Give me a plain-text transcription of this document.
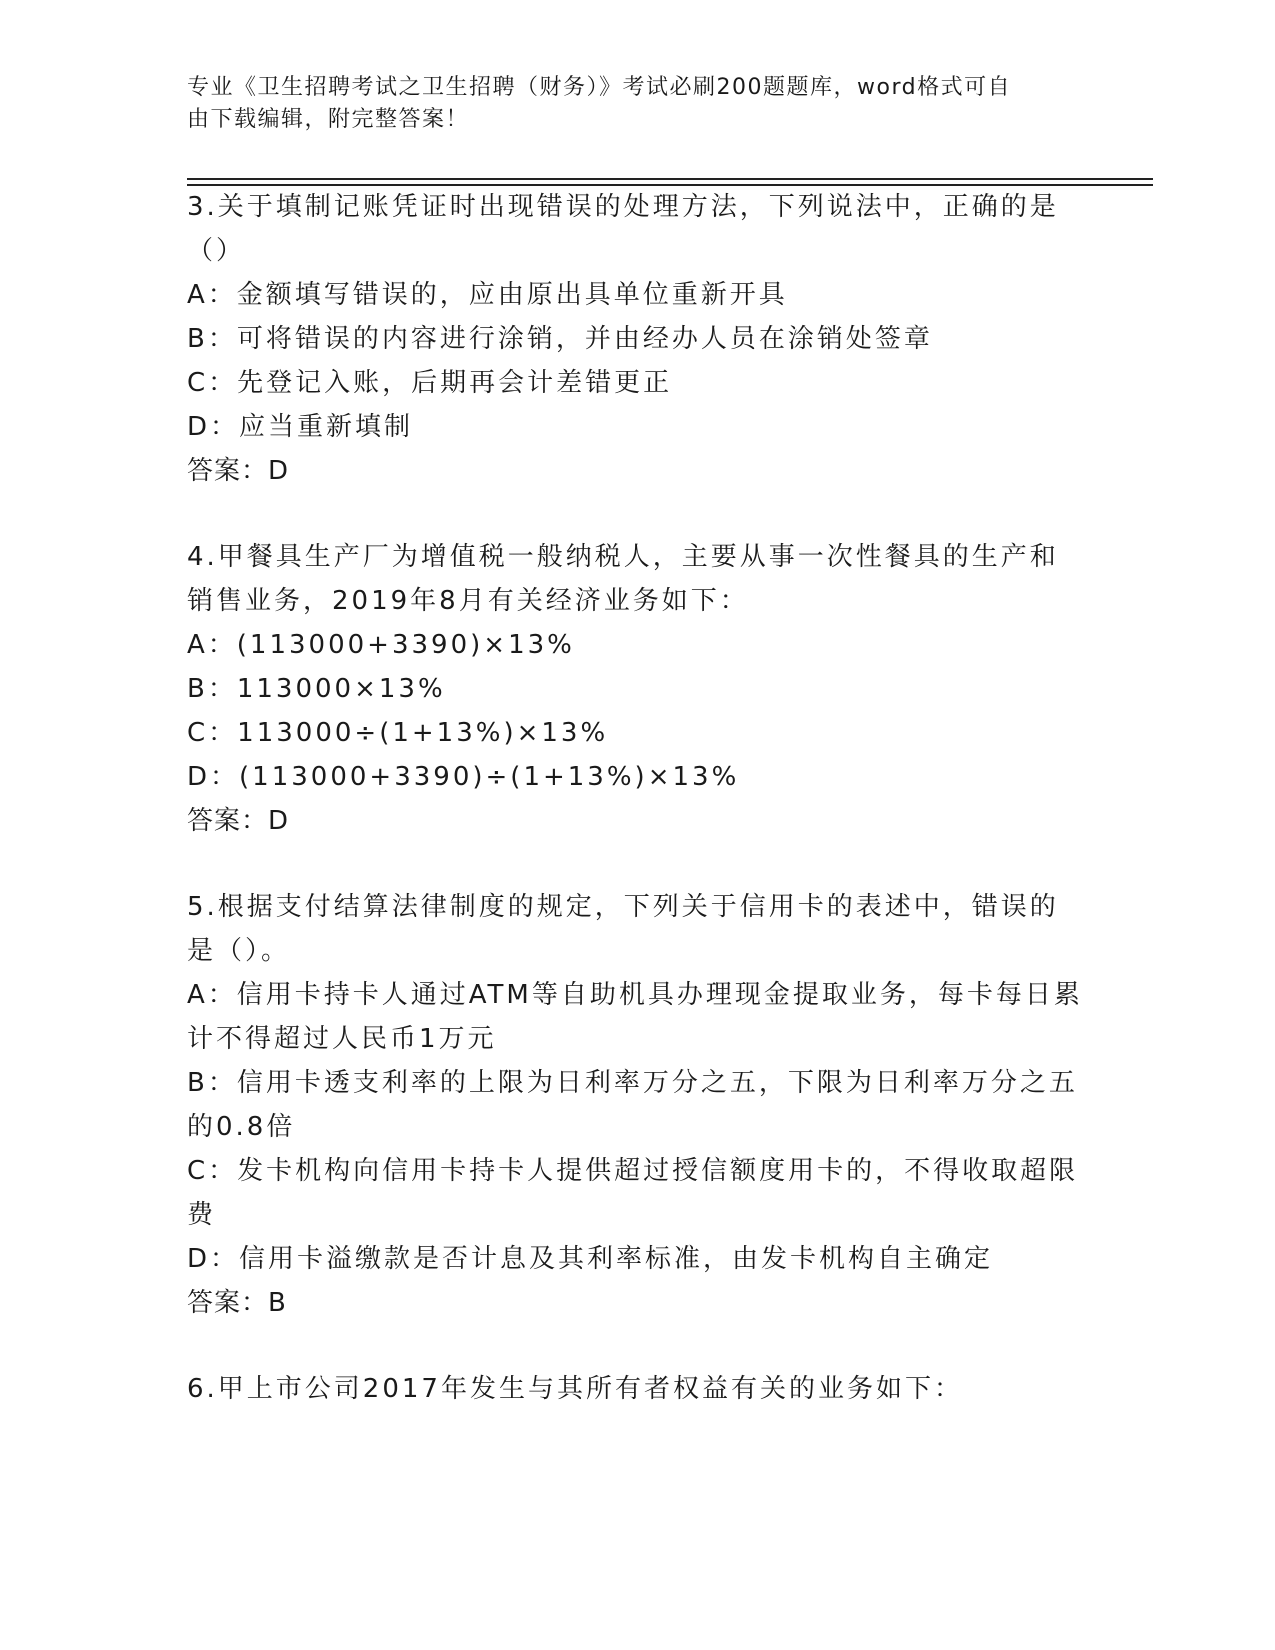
专业《卫生招聘考试之卫生招聘（财务）》考试必刷200题题库，word格式可自
由下载编辑，附完整答案！
3.关于填制记账凭证时出现错误的处理方法，下列说法中，正确的是
（）
A：金额填写错误的，应由原出具单位重新开具
B：可将错误的内容进行涂销，并由经办人员在涂销处签章
C：先登记入账，后期再会计差错更正
D：应当重新填制
答案：D
4.甲餐具生产厂为增值税一般纳税人，主要从事一次性餐具的生产和
销售业务，2019年8月有关经济业务如下：
A：(113000+3390)×13%
B：113000×13%
C：113000÷(1+13%)×13%
D：(113000+3390)÷(1+13%)×13%
答案：D
5.根据支付结算法律制度的规定，下列关于信用卡的表述中，错误的
是（）。
A：信用卡持卡人通过ATM等自助机具办理现金提取业务，每卡每日累
计不得超过人民币1万元
B：信用卡透支利率的上限为日利率万分之五，下限为日利率万分之五
的0.8倍
C：发卡机构向信用卡持卡人提供超过授信额度用卡的，不得收取超限
费
D：信用卡溢缴款是否计息及其利率标准，由发卡机构自主确定
答案：B
6.甲上市公司2017年发生与其所有者权益有关的业务如下：
